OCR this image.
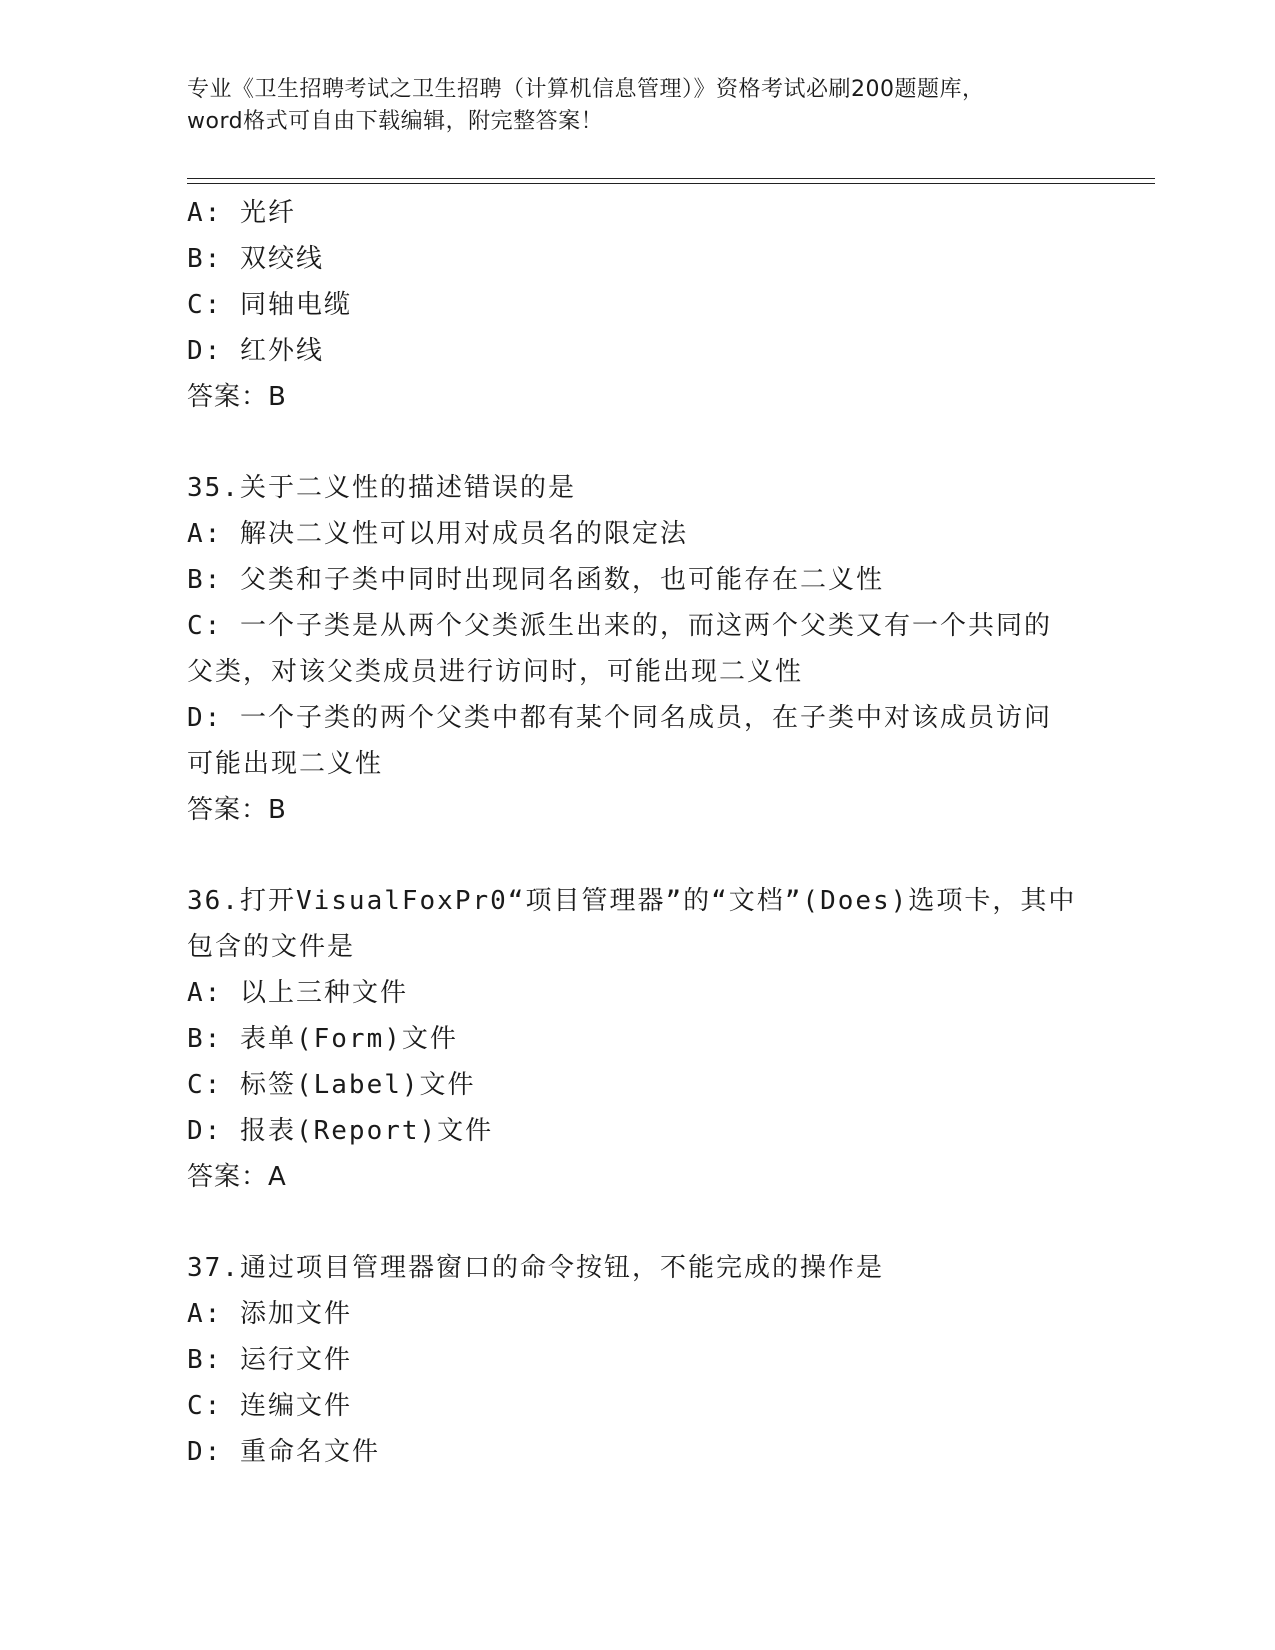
专业《卫生招聘考试之卫生招聘（计算机信息管理）》资格考试必刷200题题库，
word格式可自由下载编辑，附完整答案！
A: 光纤
B: 双绞线
C: 同轴电缆
D: 红外线
答案：B
35.关于二义性的描述错误的是
A: 解决二义性可以用对成员名的限定法
B: 父类和子类中同时出现同名函数，也可能存在二义性
C: 一个子类是从两个父类派生出来的，而这两个父类又有一个共同的
父类，对该父类成员进行访问时，可能出现二义性
D: 一个子类的两个父类中都有某个同名成员，在子类中对该成员访问
可能出现二义性
答案：B
36.打开VisualFoxPr0“项目管理器”的“文档”(Does)选项卡，其中
包含的文件是
A: 以上三种文件
B: 表单(Form)文件
C: 标签(Label)文件
D: 报表(Report)文件
答案：A
37.通过项目管理器窗口的命令按钮，不能完成的操作是
A: 添加文件
B: 运行文件
C: 连编文件
D: 重命名文件
